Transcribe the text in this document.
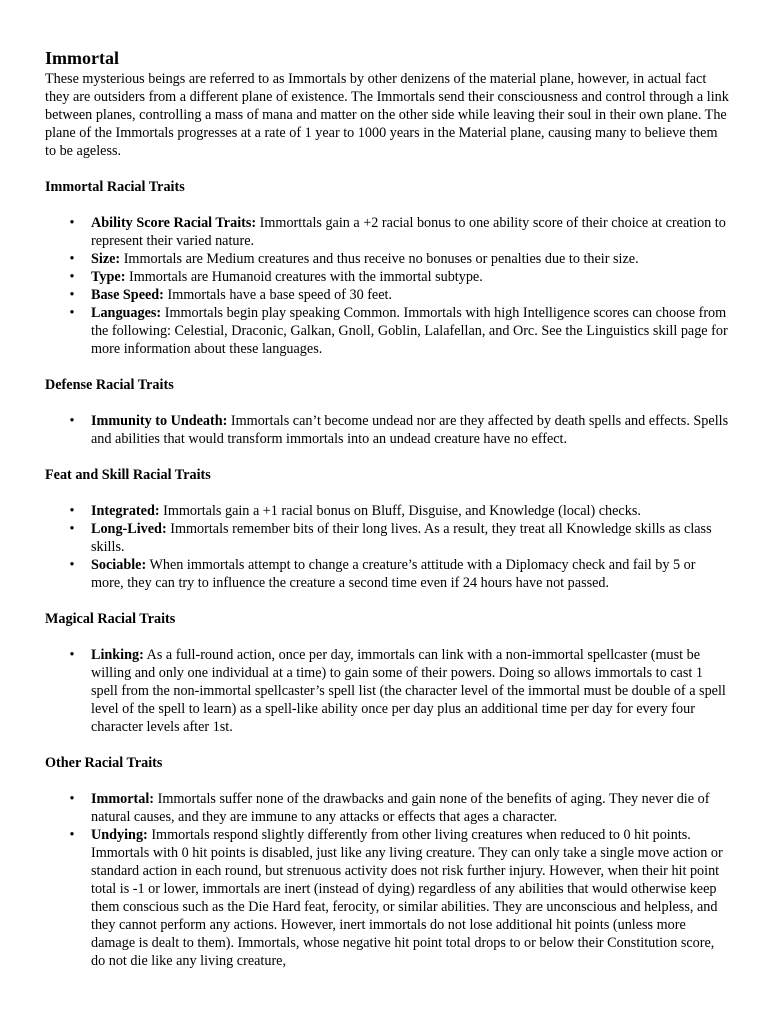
Immortal

These mysterious beings are referred to as Immortals by other denizens of the material plane, however, in actual fact they are outsiders from a different plane of existence. The Immortals send their consciousness and control through a link between planes, controlling a mass of mana and matter on the other side while leaving their soul in their own plane. The plane of the Immortals progresses at a rate of 1 year to 1000 years in the Material plane, causing many to believe them to be ageless.

Immortal Racial Traits
• Ability Score Racial Traits: Immorttals gain a +2 racial bonus to one ability score of their choice at creation to represent their varied nature.
• Size: Immortals are Medium creatures and thus receive no bonuses or penalties due to their size.
• Type: Immortals are Humanoid creatures with the immortal subtype.
• Base Speed: Immortals have a base speed of 30 feet.
• Languages: Immortals begin play speaking Common. Immortals with high Intelligence scores can choose from the following: Celestial, Draconic, Galkan, Gnoll, Goblin, Lalafellan, and Orc. See the Linguistics skill page for more information about these languages.
Defense Racial Traits
• Immunity to Undeath: Immortals can’t become undead nor are they affected by death spells and effects. Spells and abilities that would transform immortals into an undead creature have no effect.
Feat and Skill Racial Traits
• Integrated: Immortals gain a +1 racial bonus on Bluff, Disguise, and Knowledge (local) checks.
• Long-Lived: Immortals remember bits of their long lives. As a result, they treat all Knowledge skills as class skills.
• Sociable: When immortals attempt to change a creature’s attitude with a Diplomacy check and fail by 5 or more, they can try to influence the creature a second time even if 24 hours have not passed.
Magical Racial Traits
• Linking: As a full-round action, once per day, immortals can link with a non-immortal spellcaster (must be willing and only one individual at a time) to gain some of their powers. Doing so allows immortals to cast 1 spell from the non-immortal spellcaster’s spell list (the character level of the immortal must be double of a spell level of the spell to learn) as a spell-like ability once per day plus an additional time per day for every four character levels after 1st.
Other Racial Traits
• Immortal: Immortals suffer none of the drawbacks and gain none of the benefits of aging. They never die of natural causes, and they are immune to any attacks or effects that ages a character.
• Undying: Immortals respond slightly differently from other living creatures when reduced to 0 hit points. Immortals with 0 hit points is disabled, just like any living creature. They can only take a single move action or standard action in each round, but strenuous activity does not risk further injury. However, when their hit point total is -1 or lower, immortals are inert (instead of dying) regardless of any abilities that would otherwise keep them conscious such as the Die Hard feat, ferocity, or similar abilities. They are unconscious and helpless, and they cannot perform any actions. However, inert immortals do not lose additional hit points (unless more damage is dealt to them). Immortals, whose negative hit point total drops to or below their Constitution score, do not die like any living creature,
